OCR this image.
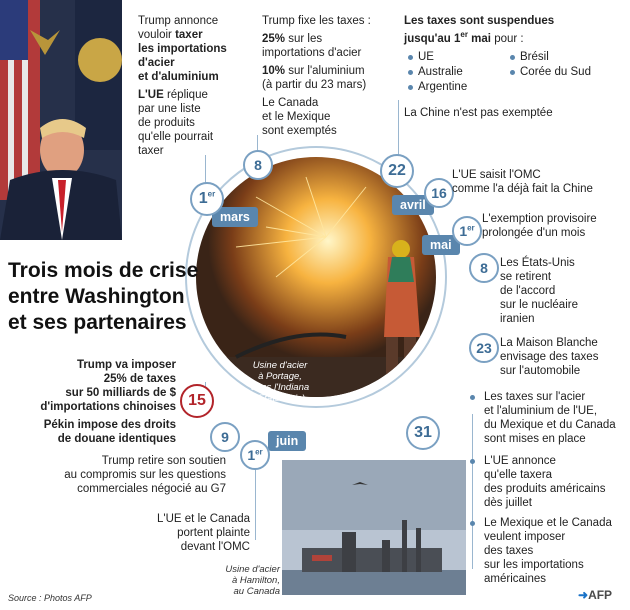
mars
avril
mai
juin
1er
8	22
16
1er
8
23
31
1er
9
15
Trois mois de crise entre Washington et ses partenaires
Trump annonce
vouloir taxer
les importations
d'acier
et d'aluminium
L'UE réplique
par une liste
de produits
qu'elle pourrait
taxer
Trump fixe les taxes :
25% sur les
importations d'acier
10% sur l'aluminium
(à partir du 23 mars)
Le Canada
et le Mexique
sont exemptés
Les taxes sont suspendues
jusqu'au 1er mai pour :
UE
Australie
Argentine
Brésil
Corée du Sud
La Chine n'est pas exemptée
L'UE saisit l'OMC
comme l'a déjà fait la Chine
L'exemption provisoire
prolongée d'un mois
Les États-Unis
se retirent
de l'accord
sur le nucléaire
iranien
La Maison Blanche
envisage des taxes
sur l'automobile
Les taxes sur l'acier
et l'aluminium de l'UE,
du Mexique et du Canada
sont mises en place
L'UE annonce
qu'elle taxera
des produits américains
dès juillet
Le Mexique et le Canada
veulent imposer
des taxes
sur les importations
américaines
Trump va imposer
25% de taxes
sur 50 milliards de $
d'importations chinoises
Pékin impose des droits
de douane identiques
Trump retire son soutien
au compromis sur les questions
commerciales négocié au G7
L'UE et le Canada
portent plainte
devant l'OMC
Usine d'acier
à Portage,
dans l'Indiana
(États-Unis)
Usine d'acier
à Hamilton,
au Canada
Source : Photos AFP	➜AFP
